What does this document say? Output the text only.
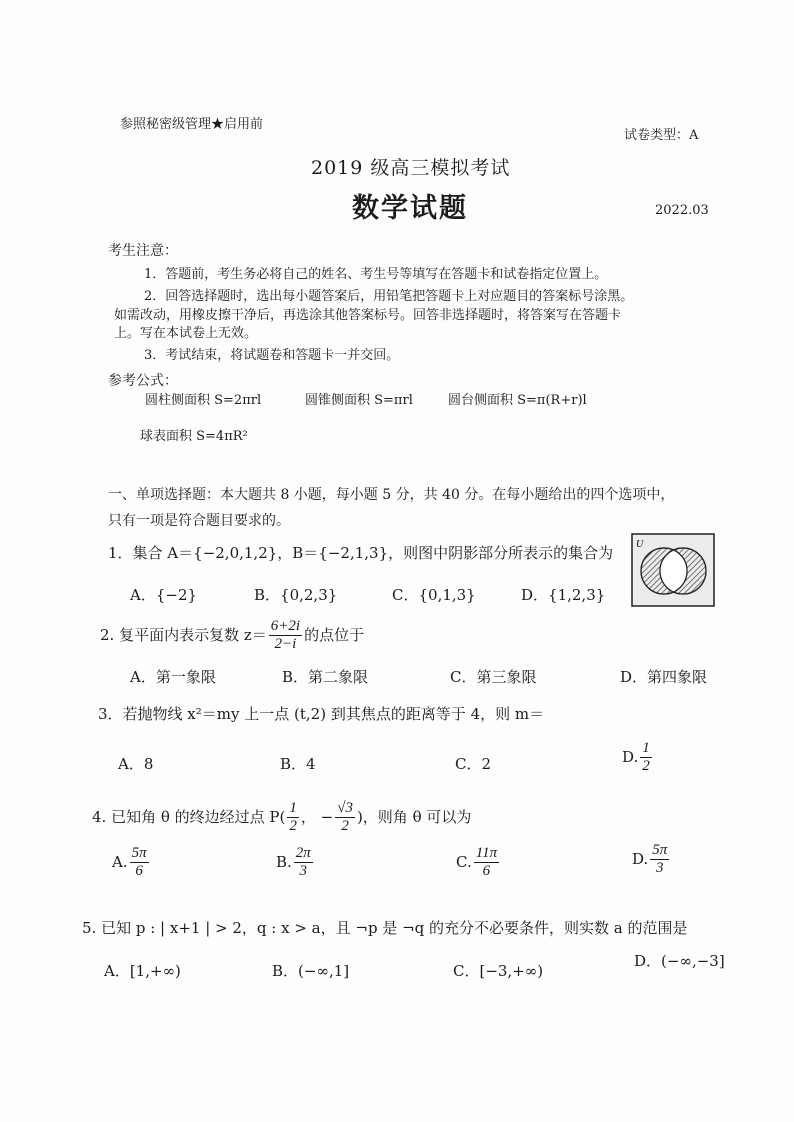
参照秘密级管理★启用前
试卷类型：A
2019 级高三模拟考试
数学试题	2022.03
考生注意：
1．答题前，考生务必将自己的姓名、考生号等填写在答题卡和试卷指定位置上。
2．回答选择题时，选出每小题答案后，用铅笔把答题卡上对应题目的答案标号涂黑。
如需改动，用橡皮擦干净后，再选涂其他答案标号。回答非选择题时，将答案写在答题卡
上。写在本试卷上无效。
3．考试结束，将试题卷和答题卡一并交回。
参考公式：
圆柱侧面积 S=2πrl	圆锥侧面积 S=πrl	圆台侧面积 S=π(R+r)l
球表面积 S=4πR²
一、单项选择题：本大题共 8 小题，每小题 5 分，共 40 分。在每小题给出的四个选项中，
只有一项是符合题目要求的。
1．集合 A＝{−2,0,1,2}，B＝{−2,1,3}，则图中阴影部分所表示的集合为
A．{−2}	B．{0,2,3}	C．{0,1,3}	D．{1,2,3}
U
2. 复平面内表示复数 $z= \frac{6+2i}{2-i}$ 的点位于
A．第一象限	B．第二象限	C．第三象限	D．第四象限
3．若抛物线 x²＝my 上一点 (t,2) 到其焦点的距离等于 4，则 m＝
A．8	B．4	C．2	D. $\frac{1}{2}$
4. 已知角 θ 的终边经过点 $P( \frac{1}{2}$ ， − $\frac{√3}{2}$ )，则角 θ 可以为
A. $\frac{5\pi}{6}$	B. $\frac{2\pi}{3}$	C. $\frac{11\pi}{6}$	D. $\frac{5\pi}{3}$
5. 已知 p : | x+1 | > 2，q : x > a，且 ¬p 是 ¬q 的充分不必要条件，则实数 a 的范围是
A．[1,+∞)	B．(−∞,1]	C．[−3,+∞)
D．(−∞,−3]
